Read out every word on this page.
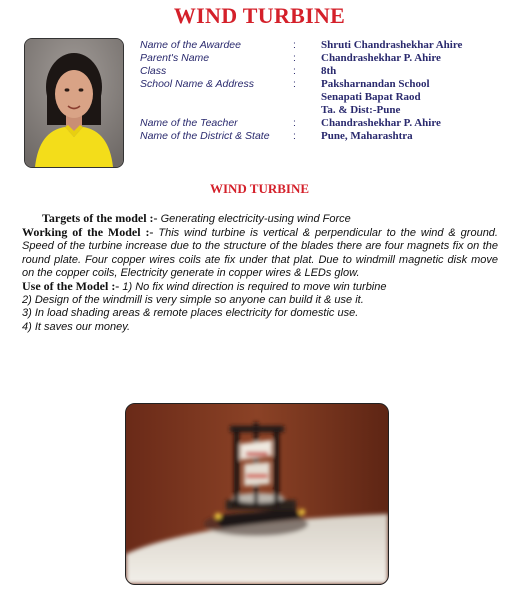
WIND TURBINE
Name of the Awardee	: Shruti Chandrashekhar Ahire
Parent's Name	: Chandrashekhar P. Ahire
Class	: 8th
School Name & Address	: Paksharnandan School
Senapati Bapat Raod
Ta. & Dist:-Pune
Name of the Teacher	: Chandrashekhar P. Ahire
Name of the District & State : Pune, Maharashtra
WIND TURBINE

Targets of the model :- Generating electricity-using wind Force

Working of the Model :- This wind turbine is vertical & perpendicular to the wind & ground. Speed of the turbine increase due to the structure of the blades there are four magnets fix on the round plate. Four copper wires coils ate fix under that plat. Due to windmill magnetic disk move on the copper coils, Electricity generate in copper wires & LEDs glow.

Use of the Model :- 1) No fix wind direction is required to move win turbine

2) Design of the windmill is very simple so anyone can build it & use it.

3) In load shading areas & remote places electricity for domestic use.

4) It saves our money.
